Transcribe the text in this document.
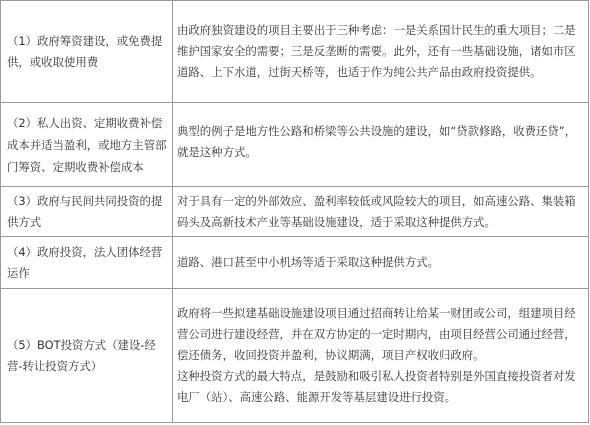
（1）政府筹资建设，或免费提供，或收取使用费	由政府独资建设的项目主要出于三种考虑：一是关系国计民生的重大项目；二是维护国家安全的需要；三是反垄断的需要。此外，还有一些基础设施，诸如市区道路、上下水道，过街天桥等，也适于作为纯公共产品由政府投资提供。

（2）私人出资、定期收费补偿成本并适当盈利，或地方主管部门筹资、定期收费补偿成本	典型的例子是地方性公路和桥梁等公共设施的建设，如“贷款修路，收费还贷”，就是这种方式。

（3）政府与民间共同投资的提供方式	对于具有一定的外部效应、盈利率较低或风险较大的项目，如高速公路、集装箱码头及高新技术产业等基础设施建设，适于采取这种提供方式。

（4）政府投资，法人团体经营运作	道路、港口甚至中小机场等适于采取这种提供方式。

（5）BOT投资方式（建设-经营-转让投资方式）	政府将一些拟建基础设施建设项目通过招商转让给某一财团或公司，组建项目经营公司进行建设经营，并在双方协定的一定时期内，由项目经营公司通过经营，偿还债务，收回投资并盈利，协议期满，项目产权收归政府。
这种投资方式的最大特点，是鼓励和吸引私人投资者特别是外国直接投资者对发电厂（站）、高速公路、能源开发等基层建设进行投资。
